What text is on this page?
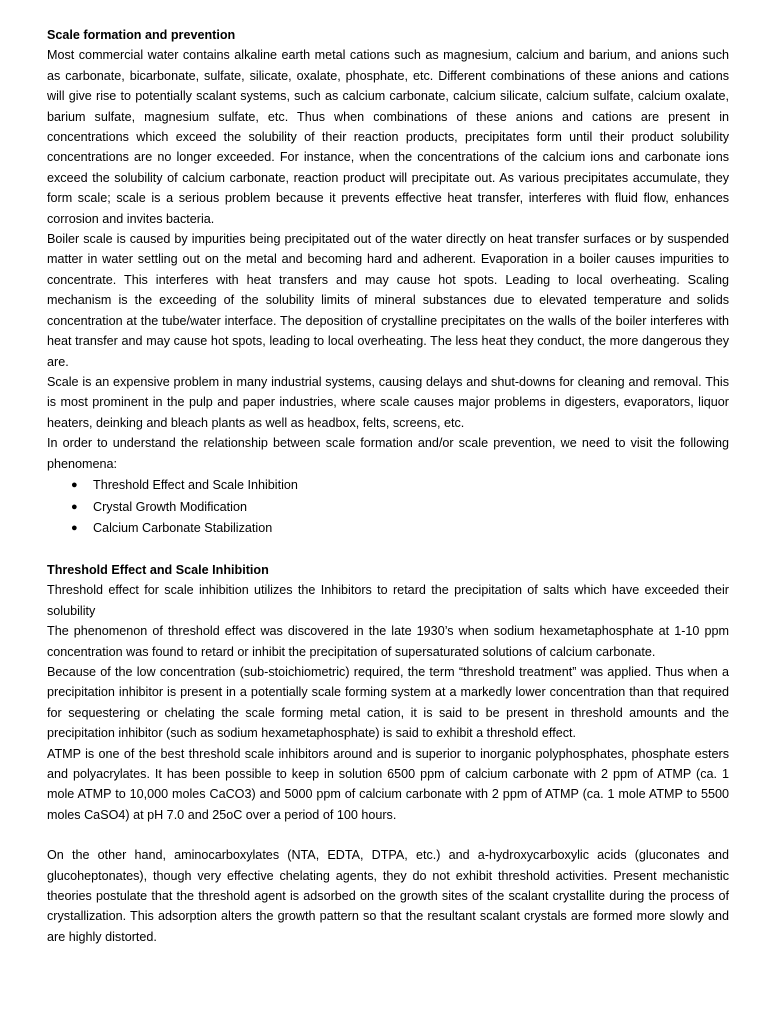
Scale formation and prevention

Most commercial water contains alkaline earth metal cations such as magnesium, calcium and barium, and anions such as carbonate, bicarbonate, sulfate, silicate, oxalate, phosphate, etc. Different combinations of these anions and cations will give rise to potentially scalant systems, such as calcium carbonate, calcium silicate, calcium sulfate, calcium oxalate, barium sulfate, magnesium sulfate, etc. Thus when combinations of these anions and cations are present in concentrations which exceed the solubility of their reaction products, precipitates form until their product solubility concentrations are no longer exceeded. For instance, when the concentrations of the calcium ions and carbonate ions exceed the solubility of calcium carbonate, reaction product will precipitate out. As various precipitates accumulate, they form scale; scale is a serious problem because it prevents effective heat transfer, interferes with fluid flow, enhances corrosion and invites bacteria.

Boiler scale is caused by impurities being precipitated out of the water directly on heat transfer surfaces or by suspended matter in water settling out on the metal and becoming hard and adherent. Evaporation in a boiler causes impurities to concentrate. This interferes with heat transfers and may cause hot spots. Leading to local overheating. Scaling mechanism is the exceeding of the solubility limits of mineral substances due to elevated temperature and solids concentration at the tube/water interface. The deposition of crystalline precipitates on the walls of the boiler interferes with heat transfer and may cause hot spots, leading to local overheating. The less heat they conduct, the more dangerous they are.

Scale is an expensive problem in many industrial systems, causing delays and shut-downs for cleaning and removal. This is most prominent in the pulp and paper industries, where scale causes major problems in digesters, evaporators, liquor heaters, deinking and bleach plants as well as headbox, felts, screens, etc.

In order to understand the relationship between scale formation and/or scale prevention, we need to visit the following phenomena:

● Threshold Effect and Scale Inhibition
● Crystal Growth Modification
● Calcium Carbonate Stabilization

Threshold Effect and Scale Inhibition

Threshold effect for scale inhibition utilizes the Inhibitors to retard the precipitation of salts which have exceeded their solubility

The phenomenon of threshold effect was discovered in the late 1930’s when sodium hexametaphosphate at 1-10 ppm concentration was found to retard or inhibit the precipitation of supersaturated solutions of calcium carbonate.

Because of the low concentration (sub-stoichiometric) required, the term “threshold treatment” was applied. Thus when a precipitation inhibitor is present in a potentially scale forming system at a markedly lower concentration than that required for sequestering or chelating the scale forming metal cation, it is said to be present in threshold amounts and the precipitation inhibitor (such as sodium hexametaphosphate) is said to exhibit a threshold effect.

ATMP is one of the best threshold scale inhibitors around and is superior to inorganic polyphosphates, phosphate esters and polyacrylates. It has been possible to keep in solution 6500 ppm of calcium carbonate with 2 ppm of ATMP (ca. 1 mole ATMP to 10,000 moles CaCO3) and 5000 ppm of calcium carbonate with 2 ppm of ATMP (ca. 1 mole ATMP to 5500 moles CaSO4) at pH 7.0 and 25oC over a period of 100 hours.

On the other hand, aminocarboxylates (NTA, EDTA, DTPA, etc.) and a-hydroxycarboxylic acids (gluconates and glucoheptonates), though very effective chelating agents, they do not exhibit threshold activities. Present mechanistic theories postulate that the threshold agent is adsorbed on the growth sites of the scalant crystallite during the process of crystallization. This adsorption alters the growth pattern so that the resultant scalant crystals are formed more slowly and are highly distorted.
